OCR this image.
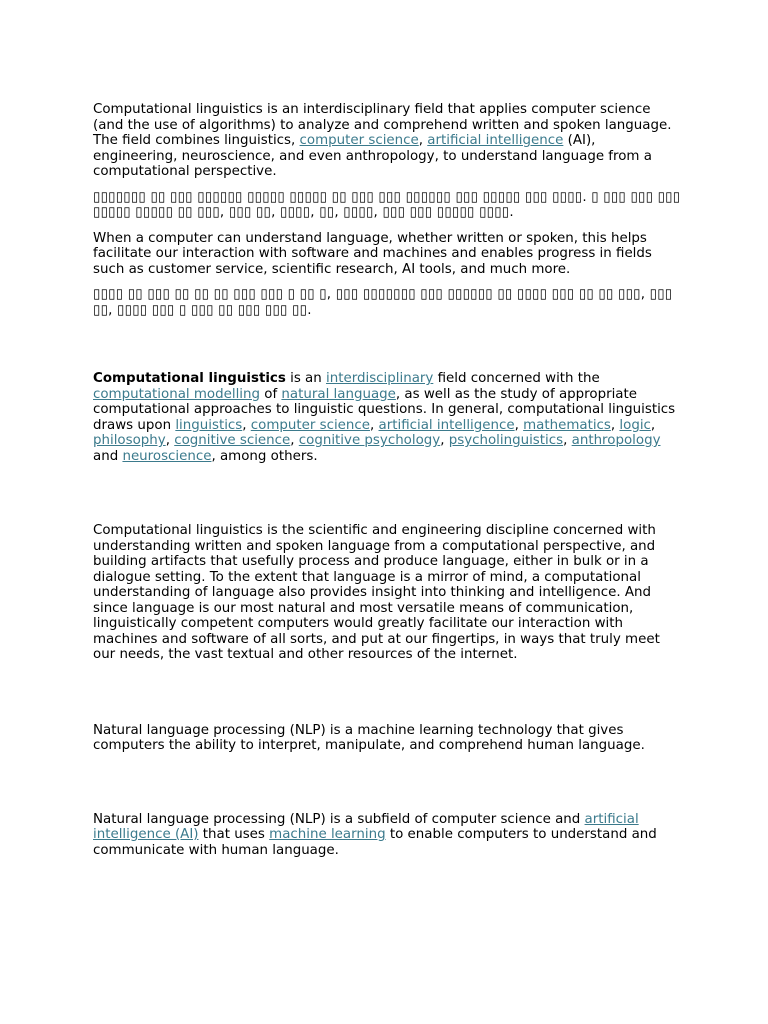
Computational linguistics is an interdisciplinary field that applies computer science (and the use of algorithms) to analyze and comprehend written and spoken language. The field combines linguistics, computer science, artificial intelligence (AI), engineering, neuroscience, and even anthropology, to understand language from a computational perspective.

▯▯▯▯▯▯▯ ▯▯ ▯▯▯ ▯▯▯▯▯▯ ▯▯▯▯▯ ▯▯▯▯▯ ▯▯ ▯▯▯ ▯▯▯ ▯▯▯▯▯▯ ▯▯▯ ▯▯▯▯▯ ▯▯▯ ▯▯▯▯. ▯ ▯▯▯ ▯▯▯ ▯▯▯ ▯▯▯▯▯ ▯▯▯▯▯ ▯▯ ▯▯▯, ▯▯▯ ▯▯, ▯▯▯▯, ▯▯, ▯▯▯▯, ▯▯▯ ▯▯▯ ▯▯▯▯▯ ▯▯▯▯.

When a computer can understand language, whether written or spoken, this helps facilitate our interaction with software and machines and enables progress in fields such as customer service, scientific research, AI tools, and much more.

▯▯▯▯ ▯▯ ▯▯▯ ▯▯ ▯▯ ▯▯ ▯▯▯ ▯▯▯ ▯ ▯▯ ▯, ▯▯▯ ▯▯▯▯▯▯▯ ▯▯▯ ▯▯▯▯▯▯ ▯▯ ▯▯▯▯ ▯▯▯ ▯▯ ▯▯ ▯▯▯, ▯▯▯ ▯▯, ▯▯▯▯ ▯▯▯ ▯ ▯▯▯ ▯▯ ▯▯▯ ▯▯▯ ▯▯.

Computational linguistics is an interdisciplinary field concerned with the computational modelling of natural language, as well as the study of appropriate computational approaches to linguistic questions. In general, computational linguistics draws upon linguistics, computer science, artificial intelligence, mathematics, logic, philosophy, cognitive science, cognitive psychology, psycholinguistics, anthropology and neuroscience, among others.

Computational linguistics is the scientific and engineering discipline concerned with understanding written and spoken language from a computational perspective, and building artifacts that usefully process and produce language, either in bulk or in a dialogue setting. To the extent that language is a mirror of mind, a computational understanding of language also provides insight into thinking and intelligence. And since language is our most natural and most versatile means of communication, linguistically competent computers would greatly facilitate our interaction with machines and software of all sorts, and put at our fingertips, in ways that truly meet our needs, the vast textual and other resources of the internet.

Natural language processing (NLP) is a machine learning technology that gives computers the ability to interpret, manipulate, and comprehend human language.

Natural language processing (NLP) is a subfield of computer science and artificial intelligence (AI) that uses machine learning to enable computers to understand and communicate with human language.
